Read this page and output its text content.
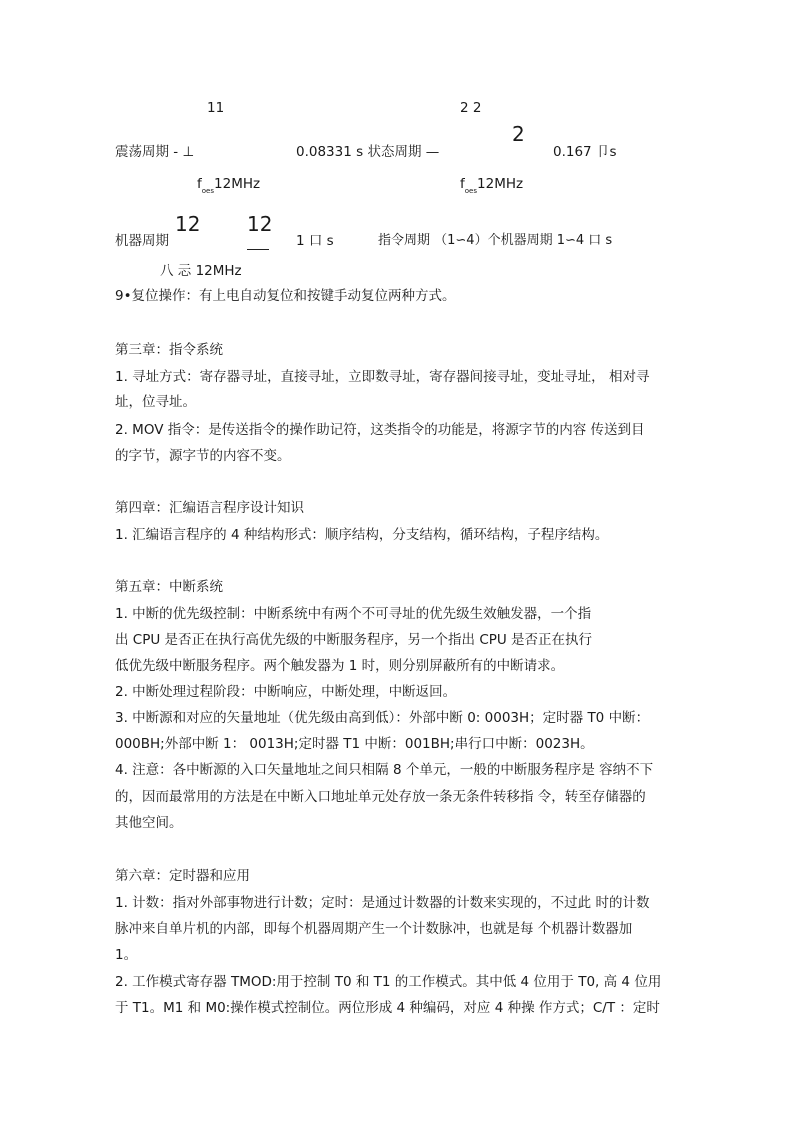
11	2 2
震荡周期 - ⊥	0.08331 s 状态周期 —
2
0.167 卩s
$f_{oes}12MHz$	$f_{oes}12MHz$
机器周期
12 12
1 口 s	指令周期 （1∽4）个机器周期 1∽4 口 s
八 忈 12MHz
9•复位操作：有上电自动复位和按键手动复位两种方式。
第三章：指令系统
1. 寻址方式：寄存器寻址，直接寻址，立即数寻址，寄存器间接寻址，变址寻址， 相对寻
址，位寻址。
2. MOV 指令：是传送指令的操作助记符，这类指令的功能是，将源字节的内容 传送到目
的字节，源字节的内容不变。
第四章：汇编语言程序设计知识
1. 汇编语言程序的 4 种结构形式：顺序结构，分支结构，循环结构，子程序结构。
第五章：中断系统
1. 中断的优先级控制：中断系统中有两个不可寻址的优先级生效触发器，一个指
出 CPU 是否正在执行高优先级的中断服务程序，另一个指出 CPU 是否正在执行
低优先级中断服务程序。两个触发器为 1 时，则分别屏蔽所有的中断请求。
2. 中断处理过程阶段：中断响应，中断处理，中断返回。
3. 中断源和对应的矢量地址（优先级由高到低）：外部中断 0: 0003H；定时器 T0 中断：
000BH;外部中断 1： 0013H;定时器 T1 中断：001BH;串行口中断：0023H。
4. 注意：各中断源的入口矢量地址之间只相隔 8 个单元，一般的中断服务程序是 容纳不下
的，因而最常用的方法是在中断入口地址单元处存放一条无条件转移指 令，转至存储器的
其他空间。
第六章：定时器和应用
1. 计数：指对外部事物进行计数；定时：是通过计数器的计数来实现的，不过此 时的计数
脉冲来自单片机的内部，即每个机器周期产生一个计数脉冲，也就是每 个机器计数器加
1。
2. 工作模式寄存器 TMOD:用于控制 T0 和 T1 的工作模式。其中低 4 位用于 T0, 高 4 位用
于 T1。M1 和 M0:操作模式控制位。两位形成 4 种编码，对应 4 种操 作方式；C/T ：定时
